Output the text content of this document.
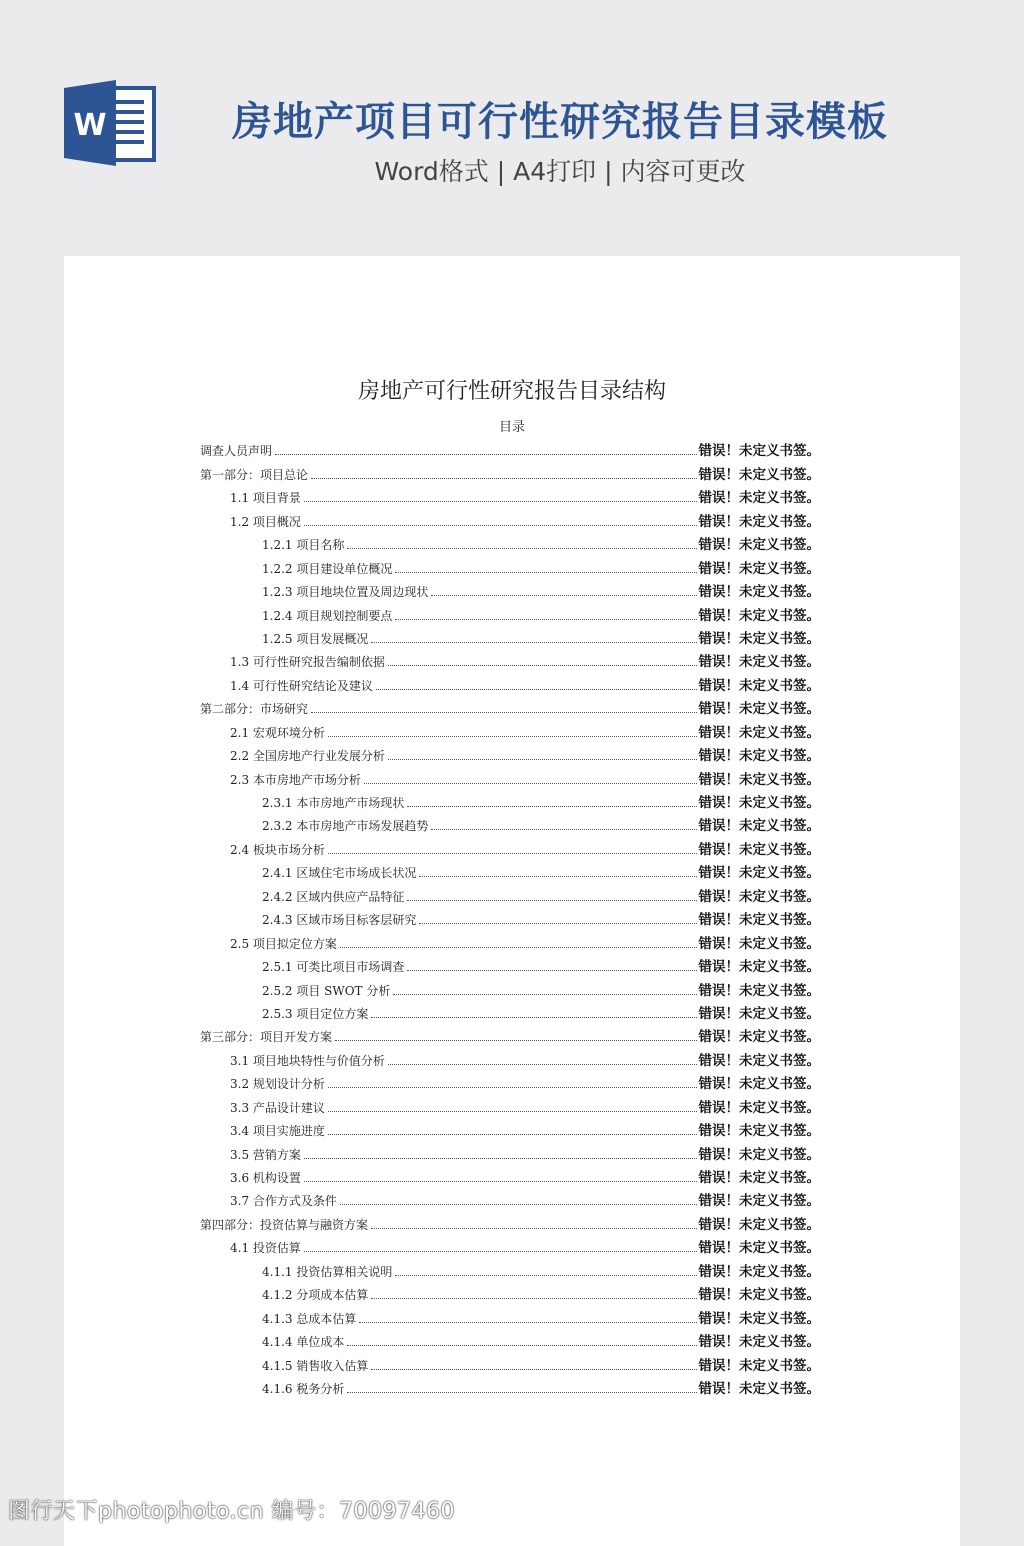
W	房地产项目可行性研究报告目录模板
Word格式 | A4打印 | 内容可更改
房地产可行性研究报告目录结构
目录
调查人员声明	错误！未定义书签。
第一部分：项目总论	错误！未定义书签。
1.1 项目背景	错误！未定义书签。
1.2 项目概况	错误！未定义书签。
1.2.1 项目名称	错误！未定义书签。
1.2.2 项目建设单位概况	错误！未定义书签。
1.2.3 项目地块位置及周边现状	错误！未定义书签。
1.2.4 项目规划控制要点	错误！未定义书签。
1.2.5 项目发展概况	错误！未定义书签。
1.3 可行性研究报告编制依据	错误！未定义书签。
1.4 可行性研究结论及建议	错误！未定义书签。
第二部分：市场研究	错误！未定义书签。
2.1 宏观环境分析	错误！未定义书签。
2.2 全国房地产行业发展分析	错误！未定义书签。
2.3 本市房地产市场分析	错误！未定义书签。
2.3.1 本市房地产市场现状	错误！未定义书签。
2.3.2 本市房地产市场发展趋势	错误！未定义书签。
2.4 板块市场分析	错误！未定义书签。
2.4.1 区域住宅市场成长状况	错误！未定义书签。
2.4.2 区域内供应产品特征	错误！未定义书签。
2.4.3 区域市场目标客层研究	错误！未定义书签。
2.5 项目拟定位方案	错误！未定义书签。
2.5.1 可类比项目市场调查	错误！未定义书签。
2.5.2 项目 SWOT 分析	错误！未定义书签。
2.5.3 项目定位方案	错误！未定义书签。
第三部分：项目开发方案	错误！未定义书签。
3.1 项目地块特性与价值分析	错误！未定义书签。
3.2 规划设计分析	错误！未定义书签。
3.3 产品设计建议	错误！未定义书签。
3.4 项目实施进度	错误！未定义书签。
3.5 营销方案	错误！未定义书签。
3.6 机构设置	错误！未定义书签。
3.7 合作方式及条件	错误！未定义书签。
第四部分：投资估算与融资方案	错误！未定义书签。
4.1 投资估算	错误！未定义书签。
4.1.1 投资估算相关说明	错误！未定义书签。
4.1.2 分项成本估算	错误！未定义书签。
4.1.3 总成本估算	错误！未定义书签。
4.1.4 单位成本	错误！未定义书签。
4.1.5 销售收入估算	错误！未定义书签。
4.1.6 税务分析	错误！未定义书签。
图行天下photophoto.cn 编号：70097460
